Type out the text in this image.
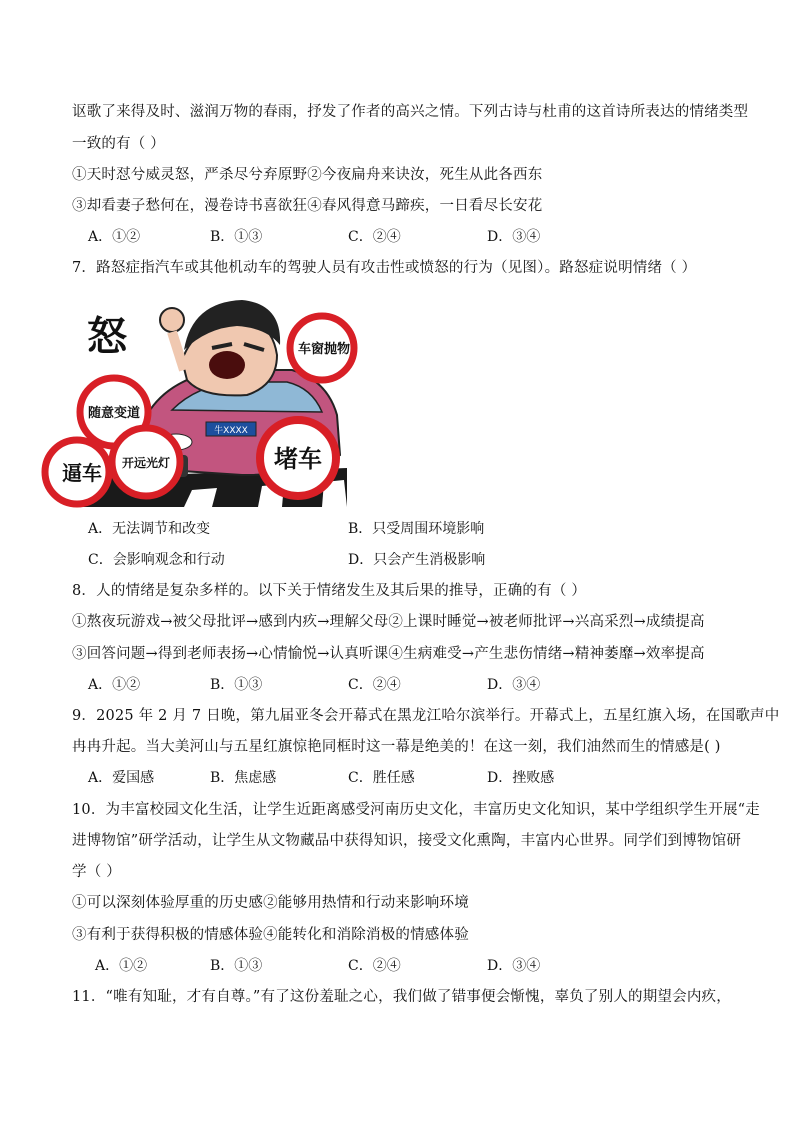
讴歌了来得及时、滋润万物的春雨，抒发了作者的高兴之情。下列古诗与杜甫的这首诗所表达的情绪类型
一致的有（ ）
①天时怼兮威灵怒，严杀尽兮弃原野②今夜扁舟来诀汝，死生从此各西东
③却看妻子愁何在，漫卷诗书喜欲狂④春风得意马蹄疾，一日看尽长安花
A．①②	B．①③	C．②④	D．③④
7．路怒症指汽车或其他机动车的驾驶人员有攻击性或愤怒的行为（见图）。路怒症说明情绪（ ）
牛XXXX
怒	车窗抛物
随意变道
开远光灯	堵车
逼车
A．无法调节和改变	B．只受周围环境影响
C．会影响观念和行动	D．只会产生消极影响
8．人的情绪是复杂多样的。以下关于情绪发生及其后果的推导，正确的有（ ）
①熬夜玩游戏→被父母批评→感到内疚→理解父母②上课时睡觉→被老师批评→兴高采烈→成绩提高
③回答问题→得到老师表扬→心情愉悦→认真听课④生病难受→产生悲伤情绪→精神萎靡→效率提高
A．①②	B．①③	C．②④	D．③④
9．2025 年 2 月 7 日晚，第九届亚冬会开幕式在黑龙江哈尔滨举行。开幕式上，五星红旗入场，在国歌声中
冉冉升起。当大美河山与五星红旗惊艳同框时这一幕是绝美的！在这一刻，我们油然而生的情感是( )
A．爱国感	B．焦虑感	C．胜任感	D．挫败感
10．为丰富校园文化生活，让学生近距离感受河南历史文化，丰富历史文化知识，某中学组织学生开展“走
进博物馆”研学活动，让学生从文物藏品中获得知识，接受文化熏陶，丰富内心世界。同学们到博物馆研
学（ ）
①可以深刻体验厚重的历史感②能够用热情和行动来影响环境
③有利于获得积极的情感体验④能转化和消除消极的情感体验
A．①②	B．①③	C．②④	D．③④
11．“唯有知耻，才有自尊。”有了这份羞耻之心，我们做了错事便会惭愧，辜负了别人的期望会内疚，
